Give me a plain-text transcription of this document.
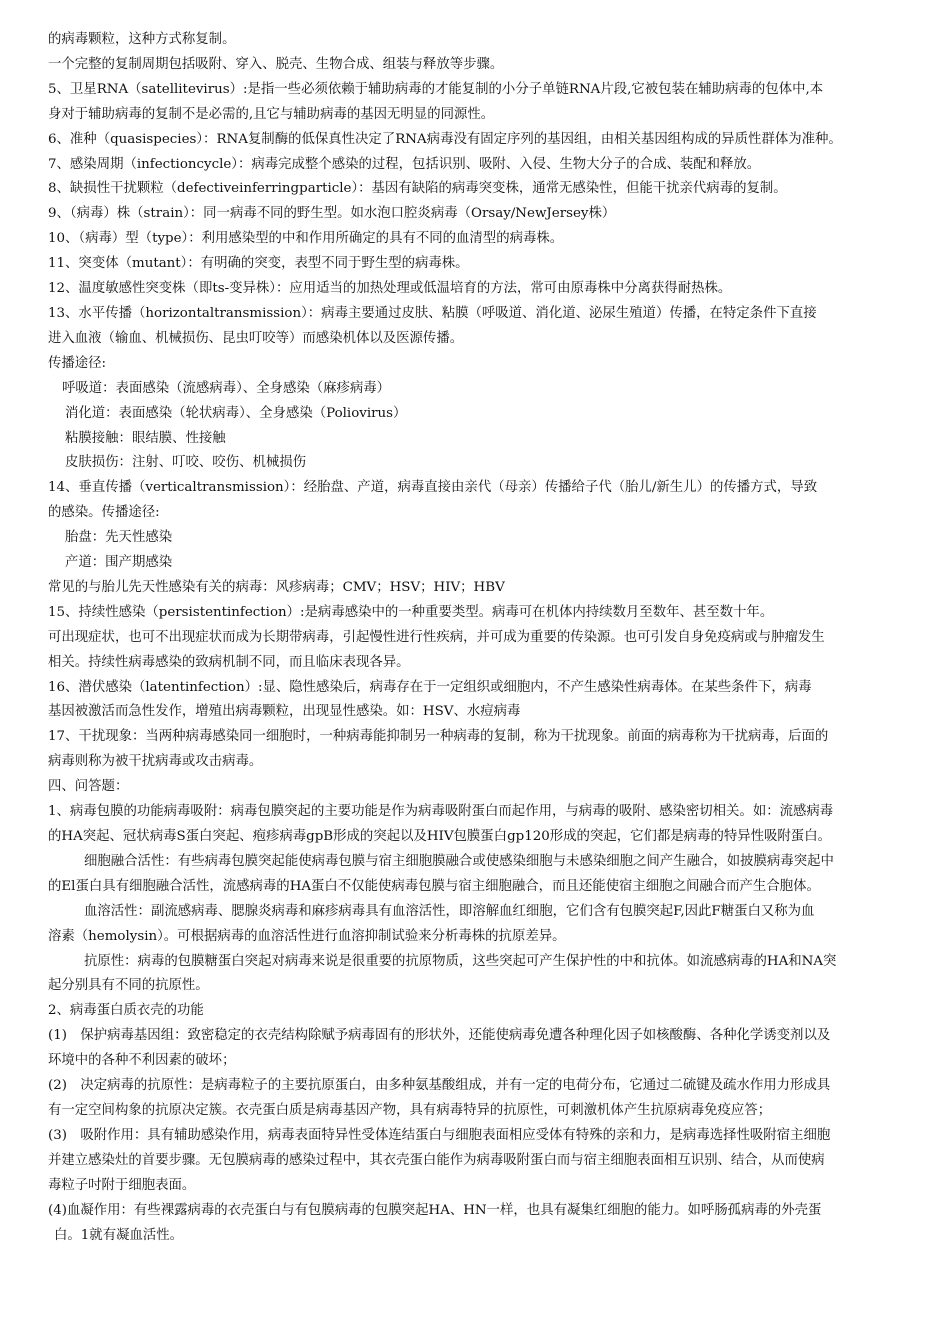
的病毒颗粒，这种方式称复制。
一个完整的复制周期包括吸附、穿入、脱壳、生物合成、组装与释放等步骤。
5、卫星RNA（satellitevirus）:是指一些必须依赖于辅助病毒的才能复制的小分子单链RNA片段,它被包装在辅助病毒的包体中,本
身对于辅助病毒的复制不是必需的,且它与辅助病毒的基因无明显的同源性。
6、准种（quasispecies）：RNA复制酶的低保真性决定了RNA病毒没有固定序列的基因组，由相关基因组构成的异质性群体为准种。
7、感染周期（infectioncycle）：病毒完成整个感染的过程，包括识别、吸附、入侵、生物大分子的合成、装配和释放。
8、缺损性干扰颗粒（defectiveinferringparticle）：基因有缺陷的病毒突变株，通常无感染性，但能干扰亲代病毒的复制。
9、（病毒）株（strain）：同一病毒不同的野生型。如水泡口腔炎病毒（Orsay/NewJersey株）
10、（病毒）型（type）：利用感染型的中和作用所确定的具有不同的血清型的病毒株。
11、突变体（mutant）：有明确的突变，表型不同于野生型的病毒株。
12、温度敏感性突变株（即ts-变异株）：应用适当的加热处理或低温培育的方法，常可由原毒株中分离获得耐热株。
13、水平传播（horizontaltransmission）：病毒主要通过皮肤、粘膜（呼吸道、消化道、泌尿生殖道）传播，在特定条件下直接
进入血液（输血、机械损伤、昆虫叮咬等）而感染机体以及医源传播。
传播途径:
呼吸道：表面感染（流感病毒）、全身感染（麻疹病毒）
消化道：表面感染（轮状病毒）、全身感染（Poliovirus）
粘膜接触：眼结膜、性接触
皮肤损伤：注射、叮咬、咬伤、机械损伤
14、垂直传播（verticaltransmission）：经胎盘、产道，病毒直接由亲代（母亲）传播给子代（胎儿/新生儿）的传播方式，导致
的感染。传播途径:
胎盘：先天性感染
产道：围产期感染
常见的与胎儿先天性感染有关的病毒：风疹病毒；CMV；HSV；HIV；HBV
15、持续性感染（persistentinfection）:是病毒感染中的一种重要类型。病毒可在机体内持续数月至数年、甚至数十年。
可出现症状，也可不出现症状而成为长期带病毒，引起慢性进行性疾病，并可成为重要的传染源。也可引发自身免疫病或与肿瘤发生
相关。持续性病毒感染的致病机制不同，而且临床表现各异。
16、潜伏感染（latentinfection）:显、隐性感染后，病毒存在于一定组织或细胞内，不产生感染性病毒体。在某些条件下，病毒
基因被激活而急性发作，增殖出病毒颗粒，出现显性感染。如：HSV、水痘病毒
17、干扰现象：当两种病毒感染同一细胞时，一种病毒能抑制另一种病毒的复制，称为干扰现象。前面的病毒称为干扰病毒，后面的
病毒则称为被干扰病毒或攻击病毒。
四、问答题：
1、病毒包膜的功能病毒吸附：病毒包膜突起的主要功能是作为病毒吸附蛋白而起作用，与病毒的吸附、感染密切相关。如：流感病毒
的HA突起、冠状病毒S蛋白突起、疱疹病毒gpB形成的突起以及HIV包膜蛋白gp120形成的突起，它们都是病毒的特异性吸附蛋白。
细胞融合活性：有些病毒包膜突起能使病毒包膜与宿主细胞膜融合或使感染细胞与未感染细胞之间产生融合，如披膜病毒突起中
的El蛋白具有细胞融合活性，流感病毒的HA蛋白不仅能使病毒包膜与宿主细胞融合，而且还能使宿主细胞之间融合而产生合胞体。
血溶活性：副流感病毒、腮腺炎病毒和麻疹病毒具有血溶活性，即溶解血红细胞，它们含有包膜突起F,因此F糖蛋白又称为血
溶素（hemolysin）。可根据病毒的血溶活性进行血溶抑制试验来分析毒株的抗原差异。
抗原性：病毒的包膜糖蛋白突起对病毒来说是很重要的抗原物质，这些突起可产生保护性的中和抗体。如流感病毒的HA和NA突
起分别具有不同的抗原性。
2、病毒蛋白质衣壳的功能
(1)　保护病毒基因组：致密稳定的衣壳结构除赋予病毒固有的形状外，还能使病毒免遭各种理化因子如核酸酶、各种化学诱变剂以及
环境中的各种不利因素的破坏；
(2)　决定病毒的抗原性：是病毒粒子的主要抗原蛋白，由多种氨基酸组成，并有一定的电荷分布，它通过二硫键及疏水作用力形成具
有一定空间构象的抗原决定簇。衣壳蛋白质是病毒基因产物，具有病毒特异的抗原性，可刺激机体产生抗原病毒免疫应答；
(3)　吸附作用：具有辅助感染作用，病毒表面特异性受体连结蛋白与细胞表面相应受体有特殊的亲和力，是病毒选择性吸附宿主细胞
并建立感染灶的首要步骤。无包膜病毒的感染过程中，其衣壳蛋白能作为病毒吸附蛋白而与宿主细胞表面相互识别、结合，从而使病
毒粒子吋附于细胞表面。
(4)血凝作用：有些裸露病毒的衣壳蛋白与有包膜病毒的包膜突起HA、HN一样，也具有凝集红细胞的能力。如呼肠孤病毒的外壳蛋
白。1就有凝血活性。
